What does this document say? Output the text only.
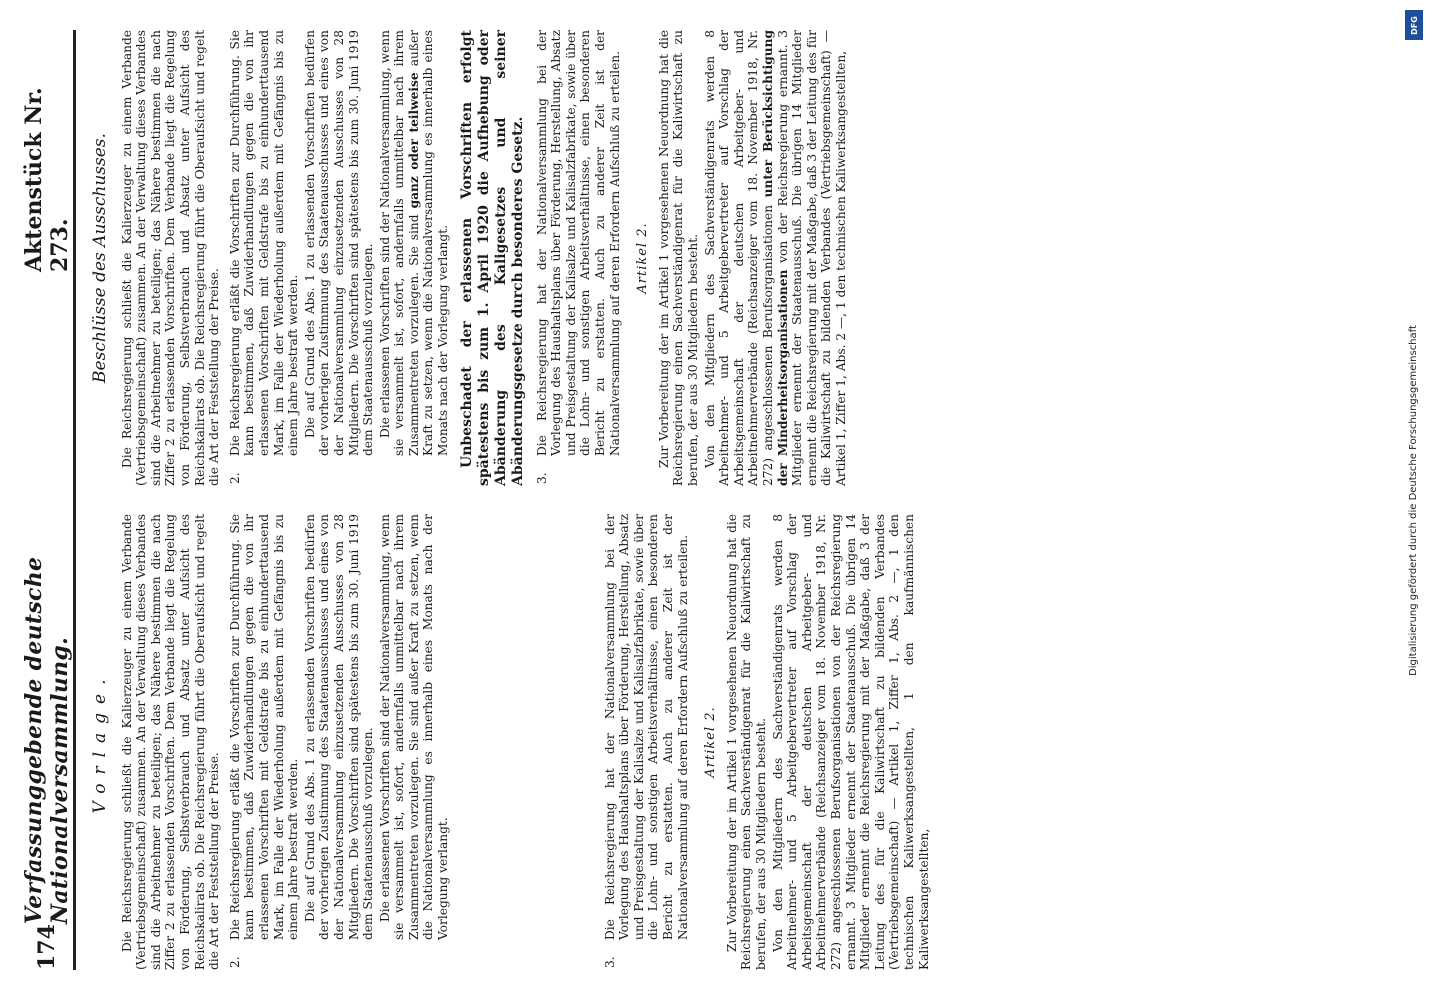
174
Verfassunggebende deutsche Nationalversammlung.
Aktenstück Nr. 273.
Vorlage. Die Reichsregierung schließt die Kalierzeuger zu einem Verbande (Vertriebsgemeinschaft) zusammen. An der Verwaltung dieses Verbandes sind die Arbeitnehmer zu beteiligen; das Nähere bestimmen die nach Ziffer 2 zu erlassenden Vorschriften. Dem Verbande liegt die Regelung von Förderung, Selbstverbrauch und Absatz unter Aufsicht des Reichskalirats ob. Die Reichsregierung führt die Oberaufsicht und regelt die Art der Feststellung der Preise. 2.
Die Reichsregierung erläßt die Vorschriften zur Durchführung. Sie kann bestimmen, daß Zuwiderhandlungen gegen die von ihr erlassenen Vorschriften mit Geldstrafe bis zu einhunderttausend Mark, im Falle der Wiederholung außerdem mit Gefängnis bis zu einem Jahre bestraft werden. Die auf Grund des Abs. 1 zu erlassenden Vorschriften bedürfen der vorherigen Zustimmung des Staatenausschusses und eines von der Nationalversammlung einzusetzenden Ausschusses von 28 Mitgliedern. Die Vorschriften sind spätestens bis zum 30. Juni 1919 dem Staatenausschuß vorzulegen. Die erlassenen Vorschriften sind der Nationalversammlung, wenn sie versammelt ist, sofort, andernfalls unmittelbar nach ihrem Zusammentreten vorzulegen. Sie sind außer Kraft zu setzen, wenn die Nationalversammlung es innerhalb eines Monats nach der Vorlegung verlangt.
3.
Die Reichsregierung hat der Nationalversammlung bei der Vorlegung des Haushaltsplans über Förderung, Herstellung, Absatz und Preisgestaltung der Kalisalze und Kalisalzfabrikate, sowie über die Lohn- und sonstigen Arbeitsverhältnisse, einen besonderen Bericht zu erstatten. Auch zu anderer Zeit ist der Nationalversammlung auf deren Erfordern Aufschluß zu erteilen. Artikel 2. Zur Vorbereitung der im Artikel 1 vorgesehenen Neuordnung hat die Reichsregierung einen Sachverständigenrat für die Kaliwirtschaft zu berufen, der aus 30 Mitgliedern besteht. Von den Mitgliedern des Sachverständigenrats werden 8 Arbeitnehmer- und 5 Arbeitgebervertreter auf Vorschlag der Arbeitsgemeinschaft der deutschen Arbeitgeber- und Arbeitnehmerverbände (Reichsanzeiger vom 18. November 1918, Nr. 272) angeschlossenen Berufsorganisationen von der Reichsregierung ernannt. 3 Mitglieder ernennt der Staatenausschuß. Die übrigen 14 Mitglieder ernennt die Reichsregierung mit der Maßgabe, daß 3 der Leitung des für die Kaliwirtschaft zu bildenden Verbandes (Vertriebsgemeinschaft) — Artikel 1, Ziffer 1, Abs. 2 —, 1 den technischen Kaliwerksangestellten, 1 den kaufmännischen Kaliwerksangestellten,
Beschlüsse des Ausschusses. Die Reichsregierung schließt die Kalierzeuger zu einem Verbande (Vertriebsgemeinschaft) zusammen. An der Verwaltung dieses Verbandes sind die Arbeitnehmer zu beteiligen; das Nähere bestimmen die nach Ziffer 2 zu erlassenden Vorschriften. Dem Verbande liegt die Regelung von Förderung, Selbstverbrauch und Absatz unter Aufsicht des Reichskalirats ob. Die Reichsregierung führt die Oberaufsicht und regelt die Art der Feststellung der Preise. 2.
Die Reichsregierung erläßt die Vorschriften zur Durchführung. Sie kann bestimmen, daß Zuwiderhandlungen gegen die von ihr erlassenen Vorschriften mit Geldstrafe bis zu einhunderttausend Mark, im Falle der Wiederholung außerdem mit Gefängnis bis zu einem Jahre bestraft werden. Die auf Grund des Abs. 1 zu erlassenden Vorschriften bedürfen der vorherigen Zustimmung des Staatenausschusses und eines von der Nationalversammlung einzusetzenden Ausschusses von 28 Mitgliedern. Die Vorschriften sind spätestens bis zum 30. Juni 1919 dem Staatenausschuß vorzulegen. Die erlassenen Vorschriften sind der Nationalversammlung, wenn sie versammelt ist, sofort, andernfalls unmittelbar nach ihrem Zusammentreten vorzulegen. Sie sind ganz oder teilweise außer Kraft zu setzen, wenn die Nationalversammlung es innerhalb eines Monats nach der Vorlegung verlangt. Unbeschadet der erlassenen Vorschriften erfolgt spätestens bis zum 1. April 1920 die Aufhebung oder Abänderung des Kaligesetzes und seiner Abänderungsgesetze durch besonderes Gesetz. 3.
Die Reichsregierung hat der Nationalversammlung bei der Vorlegung des Haushaltsplans über Förderung, Herstellung, Absatz und Preisgestaltung der Kalisalze und Kalisalzfabrikate, sowie über die Lohn- und sonstigen Arbeitsverhältnisse, einen besonderen Bericht zu erstatten. Auch zu anderer Zeit ist der Nationalversammlung auf deren Erfordern Aufschluß zu erteilen. Artikel 2. Zur Vorbereitung der im Artikel 1 vorgesehenen Neuordnung hat die Reichsregierung einen Sachverständigenrat für die Kaliwirtschaft zu berufen, der aus 30 Mitgliedern besteht. Von den Mitgliedern des Sachverständigenrats werden 8 Arbeitnehmer- und 5 Arbeitgebervertreter auf Vorschlag der Arbeitsgemeinschaft der deutschen Arbeitgeber- und Arbeitnehmerverbände (Reichsanzeiger vom 18. November 1918, Nr. 272) angeschlossenen Berufsorganisationen unter Berücksichtigung der Minderheitsorganisationen von der Reichsregierung ernannt. 3 Mitglieder ernennt der Staatenausschuß. Die übrigen 14 Mitglieder ernennt die Reichsregierung mit der Maßgabe, daß 3 der Leitung des für die Kaliwirtschaft zu bildenden Verbandes (Vertriebsgemeinschaft) — Artikel 1, Ziffer 1, Abs. 2 —, 1 den technischen Kaliwerksangestellten,
DFG
Digitalisierung gefördert durch die Deutsche Forschungsgemeinschaft
